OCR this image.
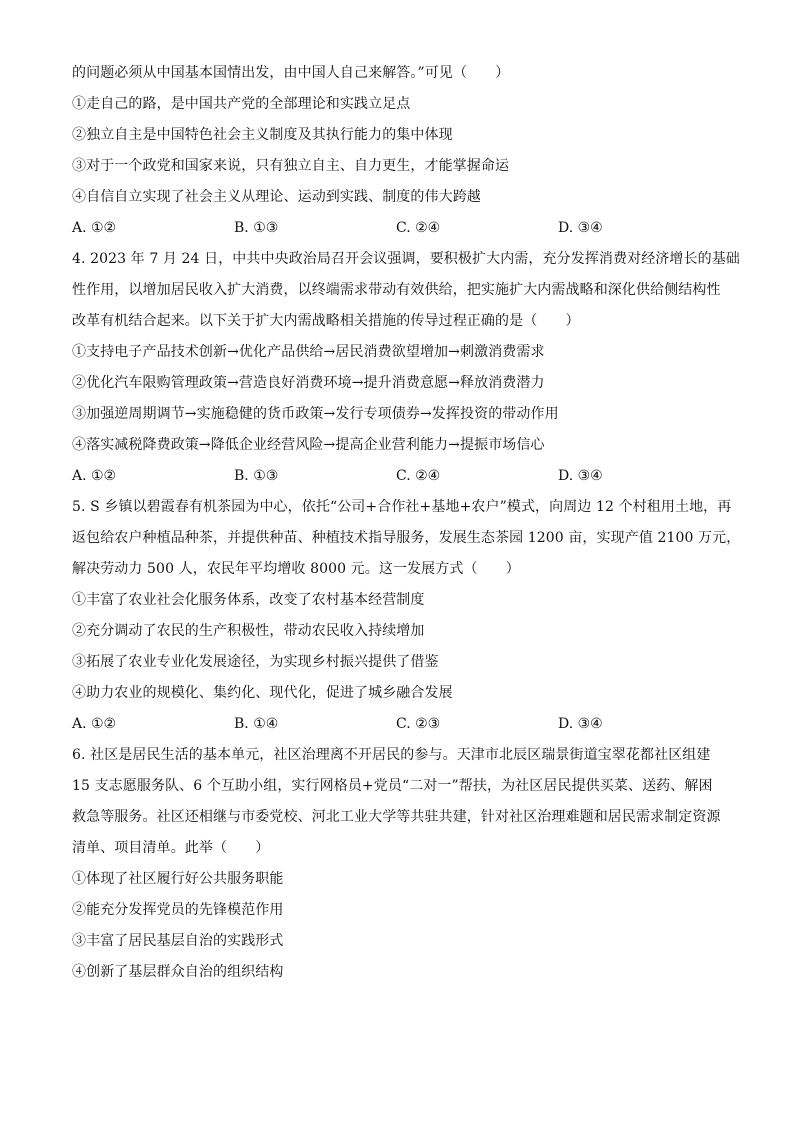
的问题必须从中国基本国情出发，由中国人自己来解答。”可见（　　）
①走自己的路，是中国共产党的全部理论和实践立足点
②独立自主是中国特色社会主义制度及其执行能力的集中体现
③对于一个政党和国家来说，只有独立自主、自力更生，才能掌握命运
④自信自立实现了社会主义从理论、运动到实践、制度的伟大跨越
A. ①②	B. ①③	C. ②④	D. ③④
4. 2023 年 7 月 24 日，中共中央政治局召开会议强调，要积极扩大内需，充分发挥消费对经济增长的基础
性作用，以增加居民收入扩大消费，以终端需求带动有效供给，把实施扩大内需战略和深化供给侧结构性
改革有机结合起来。以下关于扩大内需战略相关措施的传导过程正确的是（　　）
①支持电子产品技术创新→优化产品供给→居民消费欲望增加→刺激消费需求
②优化汽车限购管理政策→营造良好消费环境→提升消费意愿→释放消费潜力
③加强逆周期调节→实施稳健的货币政策→发行专项债券→发挥投资的带动作用
④落实减税降费政策→降低企业经营风险→提高企业营利能力→提振市场信心
A. ①②	B. ①③	C. ②④	D. ③④
5. S 乡镇以碧霞春有机茶园为中心，依托“公司+合作社+基地+农户”模式，向周边 12 个村租用土地，再
返包给农户种植品种茶，并提供种苗、种植技术指导服务，发展生态茶园 1200 亩，实现产值 2100 万元，
解决劳动力 500 人，农民年平均增收 8000 元。这一发展方式（　　）
①丰富了农业社会化服务体系，改变了农村基本经营制度
②充分调动了农民的生产积极性，带动农民收入持续增加
③拓展了农业专业化发展途径，为实现乡村振兴提供了借鉴
④助力农业的规模化、集约化、现代化，促进了城乡融合发展
A. ①②	B. ①④	C. ②③	D. ③④
6. 社区是居民生活的基本单元，社区治理离不开居民的参与。天津市北辰区瑞景街道宝翠花都社区组建
15 支志愿服务队、6 个互助小组，实行网格员+党员“二对一”帮扶，为社区居民提供买菜、送药、解困
救急等服务。社区还相继与市委党校、河北工业大学等共驻共建，针对社区治理难题和居民需求制定资源
清单、项目清单。此举（　　）
①体现了社区履行好公共服务职能
②能充分发挥党员的先锋模范作用
③丰富了居民基层自治的实践形式
④创新了基层群众自治的组织结构
